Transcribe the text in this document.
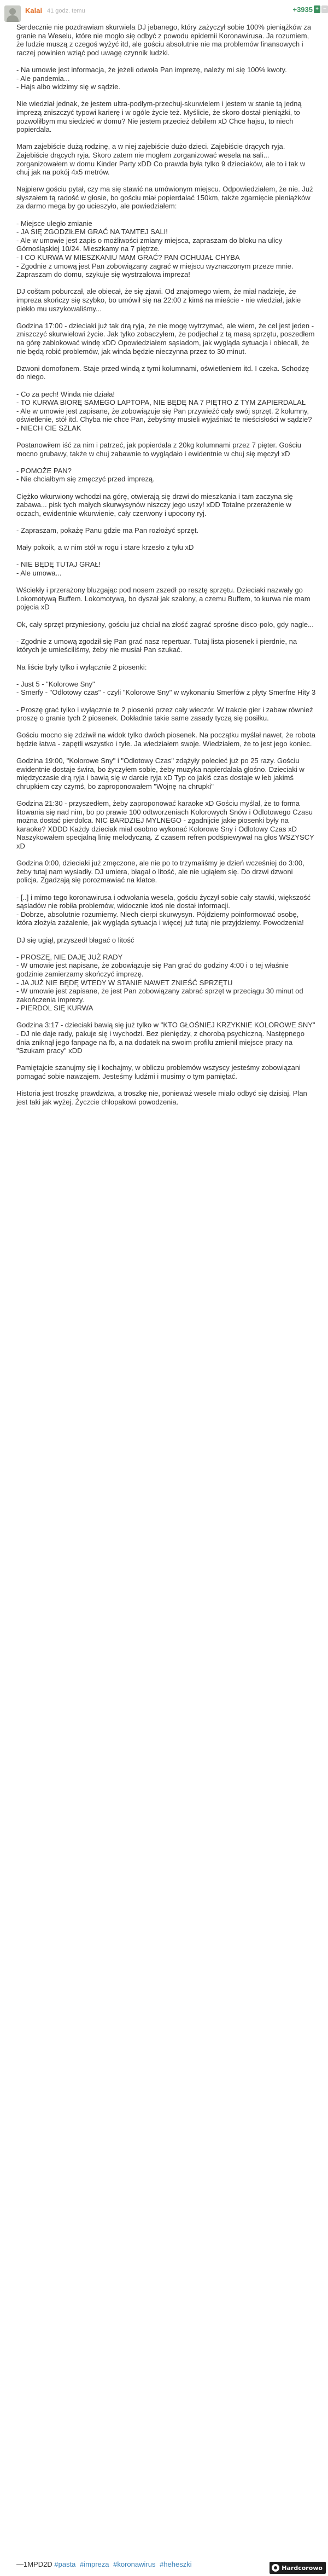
Kalai 41 godz. temu	+3935 + −
Serdecznie nie pozdrawiam skurwiela DJ jebanego, który zażyczył sobie 100% pieniążków za granie na Weselu, które nie mogło się odbyć z powodu epidemii Koronawirusa. Ja rozumiem, że ludzie muszą z czegoś wyżyć itd, ale gościu absolutnie nie ma problemów finansowych i raczej powinien wziąć pod uwagę czynnik ludzki.

- Na umowie jest informacja, że jeżeli odwoła Pan imprezę, należy mi się 100% kwoty.
- Ale pandemia...
- Hajs albo widzimy się w sądzie.

Nie wiedział jednak, że jestem ultra-podłym-przechuj-skurwielem i jestem w stanie tą jedną imprezą zniszczyć typowi karierę i w ogóle życie też. Myślicie, że skoro dostał pieniążki, to pozwoliłbym mu siedzieć w domu? Nie jestem przecież debilem xD Chce hajsu, to niech popierdala.

Mam zajebiście dużą rodzinę, a w niej zajebiście dużo dzieci. Zajebiście drących ryja. Zajebiście drących ryja. Skoro zatem nie mogłem zorganizować wesela na sali... zorganizowałem w domu Kinder Party xDD Co prawda była tylko 9 dzieciaków, ale to i tak w chuj jak na pokój 4x5 metrów.

Najpierw gościu pytał, czy ma się stawić na umówionym miejscu. Odpowiedziałem, że nie. Już słyszałem tą radość w głosie, bo gościu miał popierdalać 150km, także zgarnięcie pieniążków za darmo mega by go ucieszyło, ale powiedziałem:

- Miejsce uległo zmianie
- JA SIĘ ZGODZIŁEM GRAĆ NA TAMTEJ SALI!
- Ale w umowie jest zapis o możliwości zmiany miejsca, zapraszam do bloku na ulicy Górnośląskiej 10/24. Mieszkamy na 7 piętrze.
- I CO KURWA W MIESZKANIU MAM GRAĆ? PAN OCHUJAŁ CHYBA
- Zgodnie z umową jest Pan zobowiązany zagrać w miejscu wyznaczonym przeze mnie. Zapraszam do domu, szykuje się wystrzałowa impreza!

DJ coštam poburczał, ale obiecał, że się zjawi. Od znajomego wiem, że miał nadzieje, że impreza skończy się szybko, bo umówił się na 22:00 z kimś na mieście - nie wiedział, jakie piekło mu uszykowaliśmy...

Godzina 17:00 - dzieciaki już tak drą ryja, że nie mogę wytrzymać, ale wiem, że cel jest jeden - zniszczyć skurwielowi życie. Jak tylko zobaczyłem, że podjechał z tą masą sprzętu, poszedłem na górę zablokować windę xDD Opowiedziałem sąsiadom, jak wygląda sytuacja i obiecali, że nie będą robić problemów, jak winda będzie nieczynna przez to 30 minut.

Dzwoni domofonem. Staje przed windą z tymi kolumnami, oświetleniem itd. I czeka. Schodzę do niego.

- Co za pech! Winda nie działa!
- TO KURWA BIORĘ SAMEGO LAPTOPA, NIE BĘDĘ NA 7 PIĘTRO Z TYM ZAPIERDALAŁ
- Ale w umowie jest zapisane, że zobowiązuje się Pan przywieźć cały swój sprzęt. 2 kolumny, oświetlenie, stół itd. Chyba nie chce Pan, żebyśmy musieli wyjaśniać te nieścisłości w sądzie?
- NIECH CIE SZLAK

Postanowiłem iść za nim i patrzeć, jak popierdala z 20kg kolumnami przez 7 pięter. Gościu mocno grubawy, także w chuj zabawnie to wyglądało i ewidentnie w chuj się męczył xD

- POMOŻE PAN?
- Nie chciałbym się zmęczyć przed imprezą.

Ciężko wkurwiony wchodzi na górę, otwierają się drzwi do mieszkania i tam zaczyna się zabawa... pisk tych małych skurwysynów niszczy jego uszy! xDD Totalne przerażenie w oczach, ewidentnie wkurwienie, cały czerwony i upocony ryj.

- Zapraszam, pokażę Panu gdzie ma Pan rozłożyć sprzęt.

Mały pokoik, a w nim stół w rogu i stare krzesło z tyłu xD

- NIE BĘDĘ TUTAJ GRAŁ!
- Ale umowa...

Wściekły i przerażony bluzgając pod nosem zszedł po resztę sprzętu. Dzieciaki nazwały go Lokomotywą Buffem. Lokomotywą, bo dyszał jak szalony, a czemu Buffem, to kurwa nie mam pojęcia xD

Ok, cały sprzęt przyniesiony, gościu już chciał na złość zagrać sprośne disco-polo, gdy nagle...

- Zgodnie z umową zgodził się Pan grać nasz repertuar. Tutaj lista piosenek i pierdnie, na których je umieściliśmy, żeby nie musiał Pan szukać.

Na liście były tylko i wyłącznie 2 piosenki:

- Just 5 - "Kolorowe Sny"
- Smerfy - "Odlotowy czas" - czyli "Kolorowe Sny" w wykonaniu Smerfów z płyty Smerfne Hity 3

- Proszę grać tylko i wyłącznie te 2 piosenki przez cały wieczór. W trakcie gier i zabaw również proszę o granie tych 2 piosenek. Dokładnie takie same zasady tyczą się posiłku.

Gościu mocno się zdziwił na widok tylko dwóch piosenek. Na początku myślał nawet, że robota będzie łatwa - zapętli wszystko i tyle. Ja wiedziałem swoje. Wiedziałem, że to jest jego koniec.

Godzina 19:00, "Kolorowe Sny" i "Odlotowy Czas" zdążyły polecieć już po 25 razy. Gościu ewidentnie dostaje świra, bo życzyłem sobie, żeby muzyka napierdalała głośno. Dzieciaki w międzyczasie drą ryja i bawią się w darcie ryja xD Typ co jakiś czas dostaje w łeb jakimś chrupkiem czy czymś, bo zaproponowałem "Wojnę na chrupki"

Godzina 21:30 - przyszedłem, żeby zaproponować karaoke xD Gościu myślał, że to forma litowania się nad nim, bo po prawie 100 odtworzeniach Kolorowych Snów i Odlotowego Czasu można dostać pierdolca. NIC BARDZIEJ MYLNEGO - zgadnijcie jakie piosenki były na karaoke? XDDD Każdy dzieciak miał osobno wykonać Kolorowe Sny i Odlotowy Czas xD Naszykowałem specjalną linię melodyczną. Z czasem refren podśpiewywał na głos WSZYSCY xD

Godzina 0:00, dzieciaki już zmęczone, ale nie po to trzymaliśmy je dzień wcześniej do 3:00, żeby tutaj nam wysiadły. DJ umiera, błagał o litość, ale nie ugiąłem się. Do drzwi dzwoni policja. Zgadzają się porozmawiać na klatce.

- [..] i mimo tego koronawirusa i odwołania wesela, gościu życzył sobie cały stawki, większość sąsiadów nie robiła problemów, widocznie ktoś nie dostał informacji.
- Dobrze, absolutnie rozumiemy. Niech cierpi skurwysyn. Pójdziemy poinformować osobę, która złożyła zażalenie, jak wygląda sytuacja i więcej już tutaj nie przyjdziemy. Powodzenia!

DJ się ugiął, przyszedł błagać o litość

- PROSZĘ, NIE DAJĘ JUŻ RADY
- W umowie jest napisane, że zobowiązuje się Pan grać do godziny 4:00 i o tej właśnie godzinie zamierzamy skończyć imprezę.
- JA JUŻ NIE BĘDĘ WTEDY W STANIE NAWET ZNIEŚĆ SPRZĘTU
- W umowie jest zapisane, że jest Pan zobowiązany zabrać sprzęt w przeciągu 30 minut od zakończenia imprezy.
- PIERDOL SIĘ KURWA

Godzina 3:17 - dzieciaki bawią się już tylko w "KTO GŁOŚNIEJ KRZYKNIE KOLOROWE SNY" - DJ nie daje rady, pakuje się i wychodzi. Bez pieniędzy, z chorobą psychiczną. Następnego dnia zniknął jego fanpage na fb, a na dodatek na swoim profilu zmienił miejsce pracy na "Szukam pracy" xDD

Pamiętajcie szanujmy się i kochajmy, w obliczu problemów wszyscy jesteśmy zobowiązani pomagać sobie nawzajem. Jesteśmy ludźmi i musimy o tym pamiętać.

Historia jest troszkę prawdziwa, a troszkę nie, ponieważ wesele miało odbyć się dzisiaj. Plan jest taki jak wyżej. Życzcie chłopakowi powodzenia.
—1MPD2D #pasta #impreza #koronawirus #heheszki	Hardcorowo
